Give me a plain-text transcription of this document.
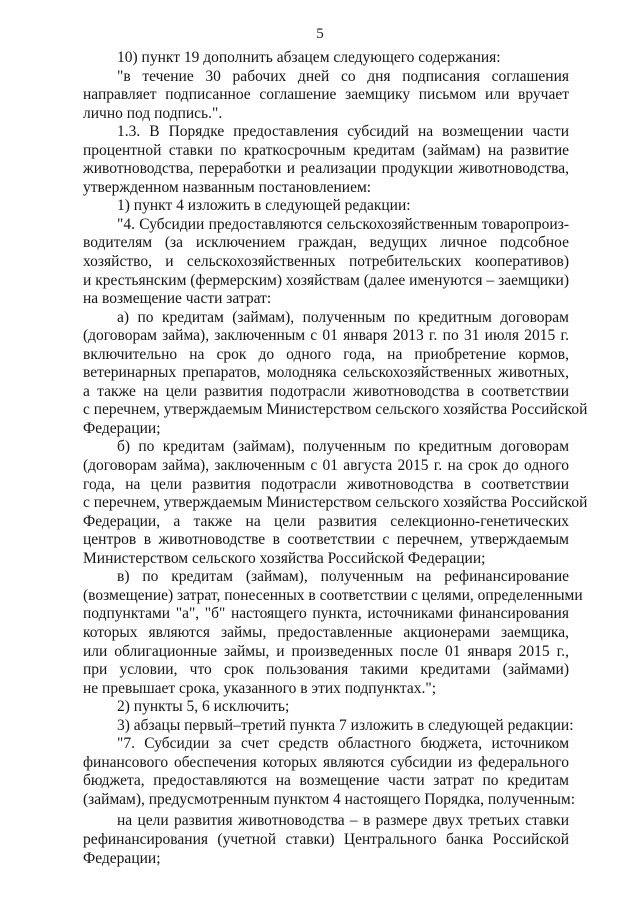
5
10) пункт 19 дополнить абзацем следующего содержания:
"в течение 30 рабочих дней со дня подписания соглашения
направляет подписанное соглашение заемщику письмом или вручает
лично под подпись.".
1.3. В Порядке предоставления субсидий на возмещении части
процентной ставки по краткосрочным кредитам (займам) на развитие
животноводства, переработки и реализации продукции животноводства,
утвержденном названным постановлением:
1) пункт 4 изложить в следующей редакции:
"4. Субсидии предоставляются сельскохозяйственным товаропроиз-
водителям (за исключением граждан, ведущих личное подсобное
хозяйство, и сельскохозяйственных потребительских кооперативов)
и крестьянским (фермерским) хозяйствам (далее именуются – заемщики)
на возмещение части затрат:
а) по кредитам (займам), полученным по кредитным договорам
(договорам займа), заключенным с 01 января 2013 г. по 31 июля 2015 г.
включительно на срок до одного года, на приобретение кормов,
ветеринарных препаратов, молодняка сельскохозяйственных животных,
а также на цели развития подотрасли животноводства в соответствии
с перечнем, утверждаемым Министерством сельского хозяйства Российской
Федерации;
б) по кредитам (займам), полученным по кредитным договорам
(договорам займа), заключенным с 01 августа 2015 г. на срок до одного
года, на цели развития подотрасли животноводства в соответствии
с перечнем, утверждаемым Министерством сельского хозяйства Российской
Федерации, а также на цели развития селекционно-генетических
центров в животноводстве в соответствии с перечнем, утверждаемым
Министерством сельского хозяйства Российской Федерации;
в) по кредитам (займам), полученным на рефинансирование
(возмещение) затрат, понесенных в соответствии с целями, определенными
подпунктами "а", "б" настоящего пункта, источниками финансирования
которых являются займы, предоставленные акционерами заемщика,
или облигационные займы, и произведенных после 01 января 2015 г.,
при условии, что срок пользования такими кредитами (займами)
не превышает срока, указанного в этих подпунктах.";
2) пункты 5, 6 исключить;
3) абзацы первый–третий пункта 7 изложить в следующей редакции:
"7. Субсидии за счет средств областного бюджета, источником
финансового обеспечения которых являются субсидии из федерального
бюджета, предоставляются на возмещение части затрат по кредитам
(займам), предусмотренным пунктом 4 настоящего Порядка, полученным:
на цели развития животноводства – в размере двух третьих ставки
рефинансирования (учетной ставки) Центрального банка Российской
Федерации;
